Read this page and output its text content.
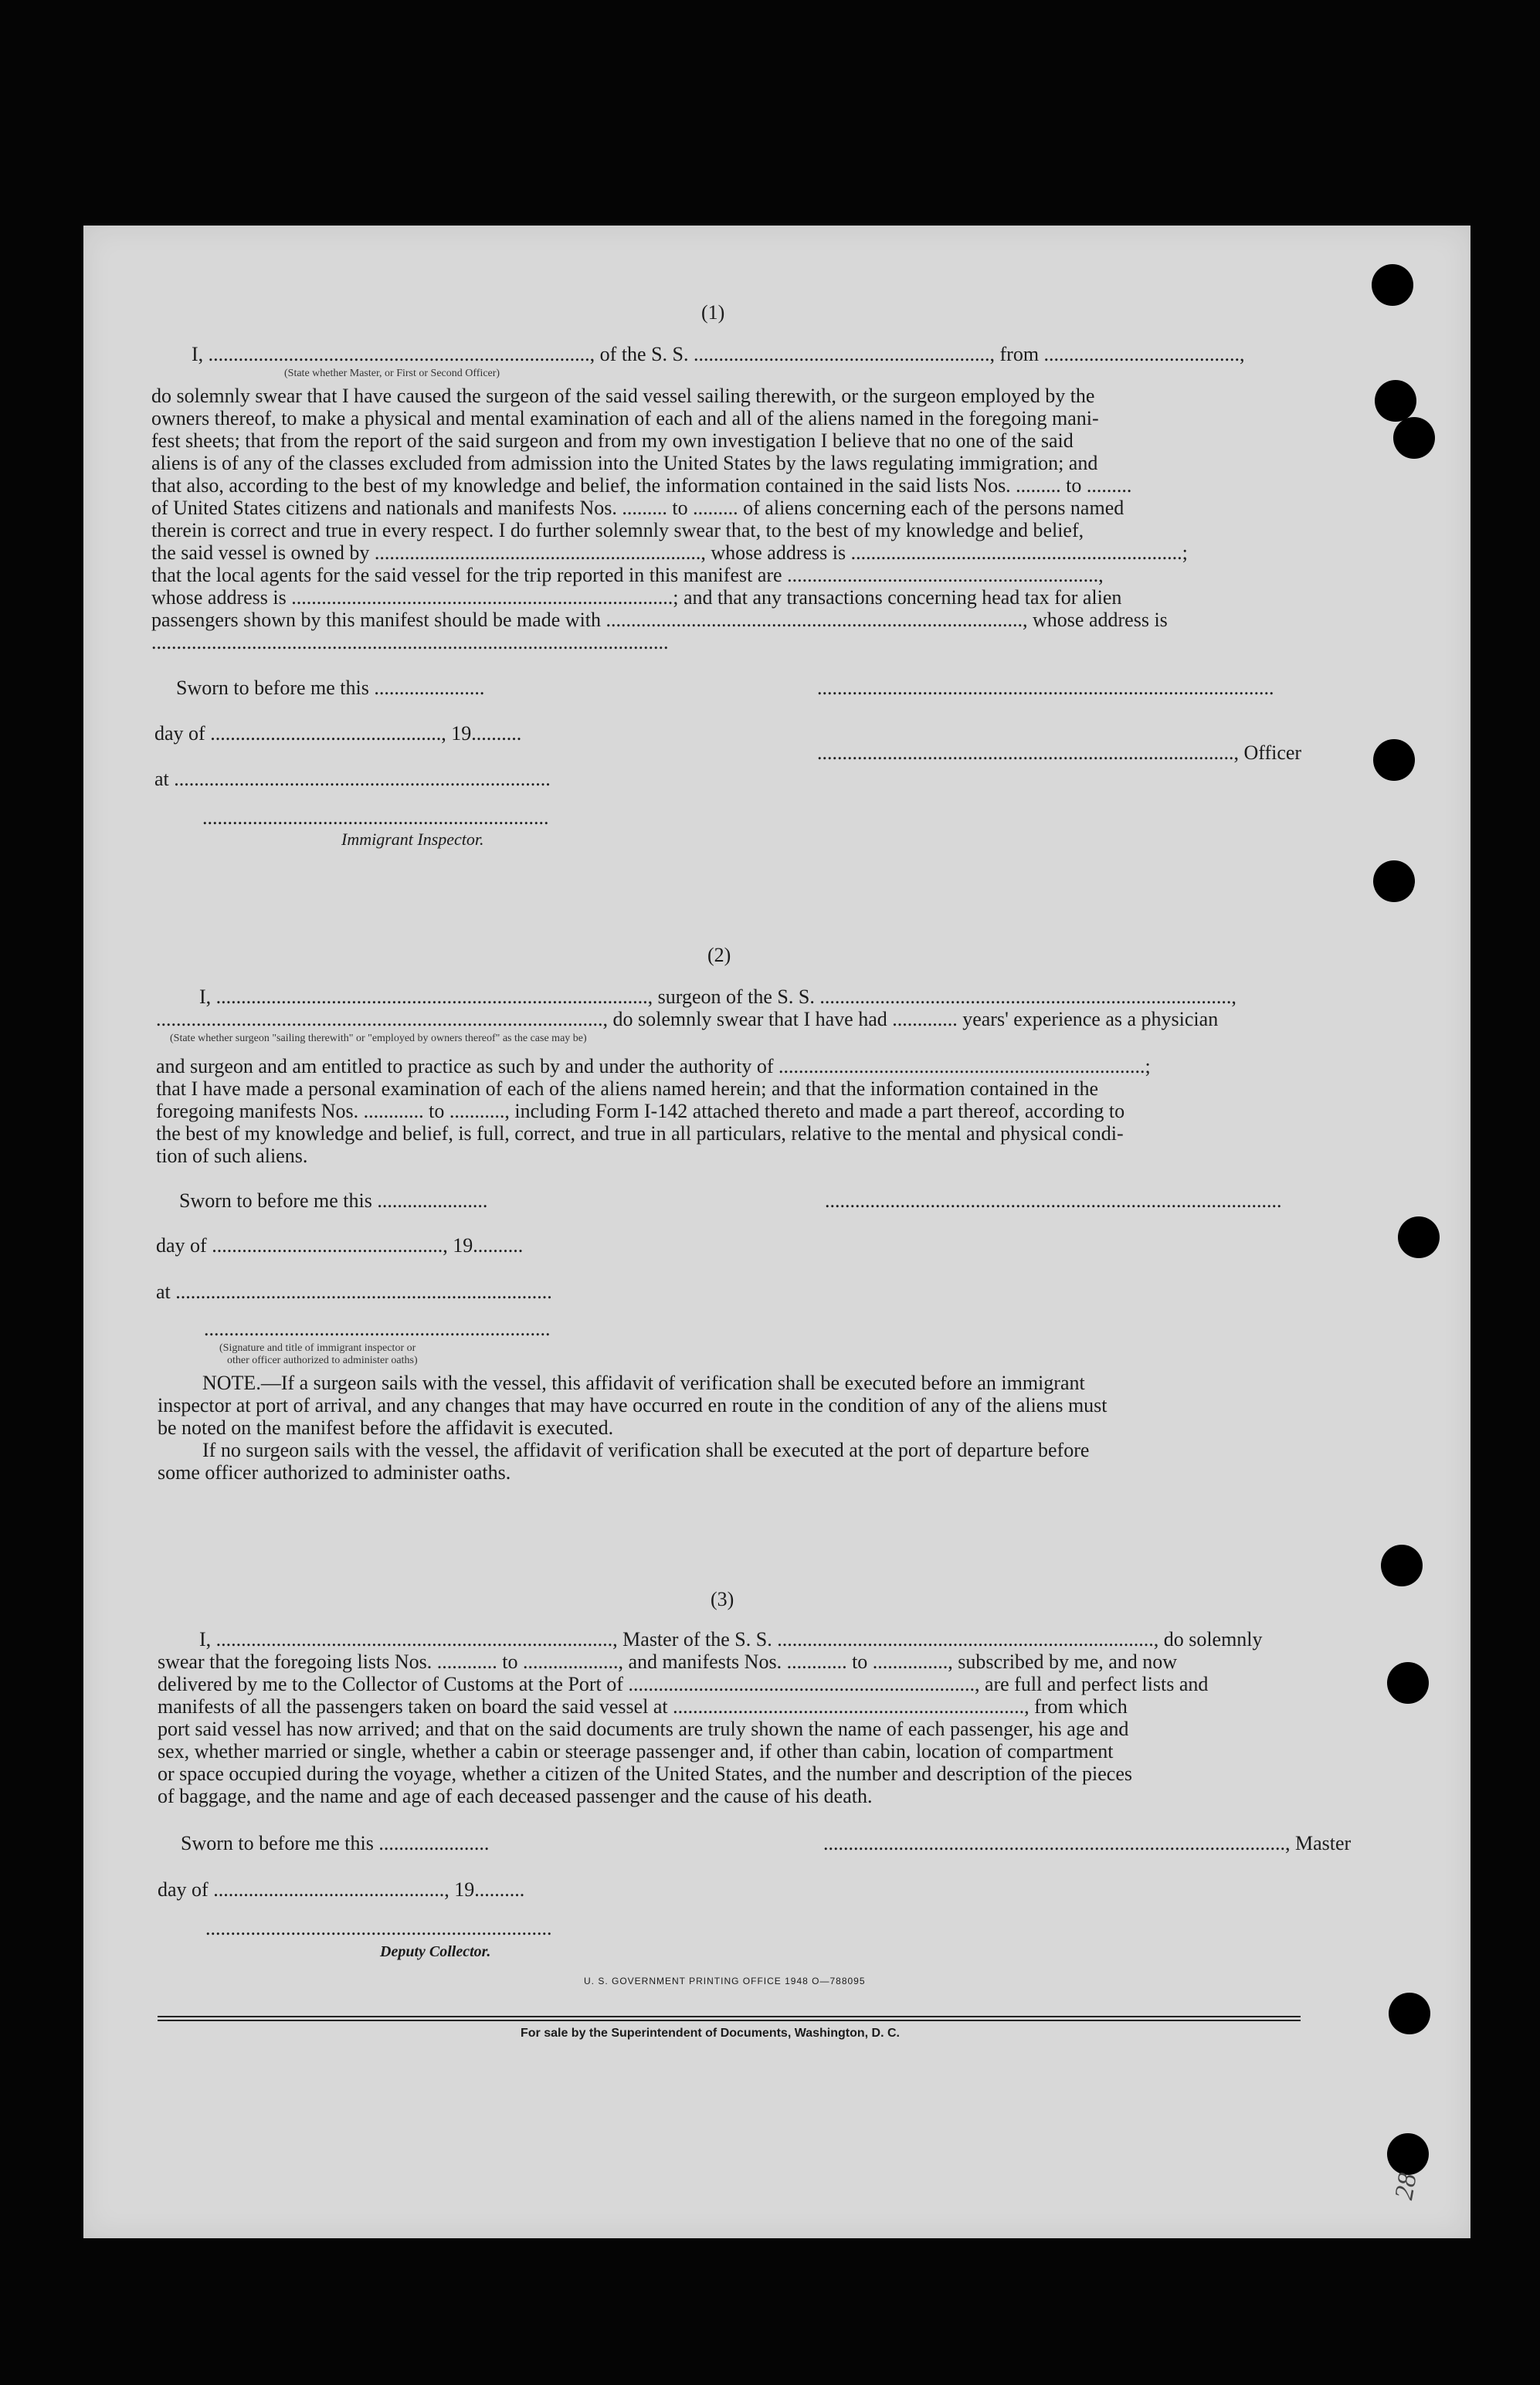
(1)
I, ............................................................................, of the S. S. ..........................................................., from .......................................,
(State whether Master, or First or Second Officer)
do solemnly swear that I have caused the surgeon of the said vessel sailing therewith, or the surgeon employed by the
owners thereof, to make a physical and mental examination of each and all of the aliens named in the foregoing mani-
fest sheets; that from the report of the said surgeon and from my own investigation I believe that no one of the said
aliens is of any of the classes excluded from admission into the United States by the laws regulating immigration; and
that also, according to the best of my knowledge and belief, the information contained in the said lists Nos. ......... to .........
of United States citizens and nationals and manifests Nos. ......... to ......... of aliens concerning each of the persons named
therein is correct and true in every respect. I do further solemnly swear that, to the best of my knowledge and belief,
the said vessel is owned by ................................................................., whose address is ..................................................................;
that the local agents for the said vessel for the trip reported in this manifest are ..............................................................,
whose address is ............................................................................; and that any transactions concerning head tax for alien
passengers shown by this manifest should be made with ..................................................................................., whose address is
.......................................................................................................
Sworn to before me this ......................	...........................................................................................
day of .............................................., 19..........
..................................................................................., Officer
at ...........................................................................
.....................................................................
Immigrant Inspector.
(2)
I, ......................................................................................, surgeon of the S. S. ..................................................................................,
........................................................................................., do solemnly swear that I have had ............. years' experience as a physician
(State whether surgeon "sailing therewith" or "employed by owners thereof" as the case may be)
and surgeon and am entitled to practice as such by and under the authority of .........................................................................;
that I have made a personal examination of each of the aliens named herein; and that the information contained in the
foregoing manifests Nos. ............ to ..........., including Form I-142 attached thereto and made a part thereof, according to
the best of my knowledge and belief, is full, correct, and true in all particulars, relative to the mental and physical condi-
tion of such aliens.
Sworn to before me this ......................	...........................................................................................
day of .............................................., 19..........
at ...........................................................................
.....................................................................
(Signature and title of immigrant inspector or
other officer authorized to administer oaths)
NOTE.—If a surgeon sails with the vessel, this affidavit of verification shall be executed before an immigrant
inspector at port of arrival, and any changes that may have occurred en route in the condition of any of the aliens must
be noted on the manifest before the affidavit is executed.
If no surgeon sails with the vessel, the affidavit of verification shall be executed at the port of departure before
some officer authorized to administer oaths.
(3)
I, ..............................................................................., Master of the S. S. ..........................................................................., do solemnly
swear that the foregoing lists Nos. ............ to ..................., and manifests Nos. ............ to ..............., subscribed by me, and now
delivered by me to the Collector of Customs at the Port of ....................................................................., are full and perfect lists and
manifests of all the passengers taken on board the said vessel at ......................................................................, from which
port said vessel has now arrived; and that on the said documents are truly shown the name of each passenger, his age and
sex, whether married or single, whether a cabin or steerage passenger and, if other than cabin, location of compartment
or space occupied during the voyage, whether a citizen of the United States, and the number and description of the pieces
of baggage, and the name and age of each deceased passenger and the cause of his death.
Sworn to before me this ......................	............................................................................................, Master
day of .............................................., 19..........
.....................................................................
Deputy Collector.
U. S. GOVERNMENT PRINTING OFFICE 1948 O—788095
For sale by the Superintendent of Documents, Washington, D. C.
28
